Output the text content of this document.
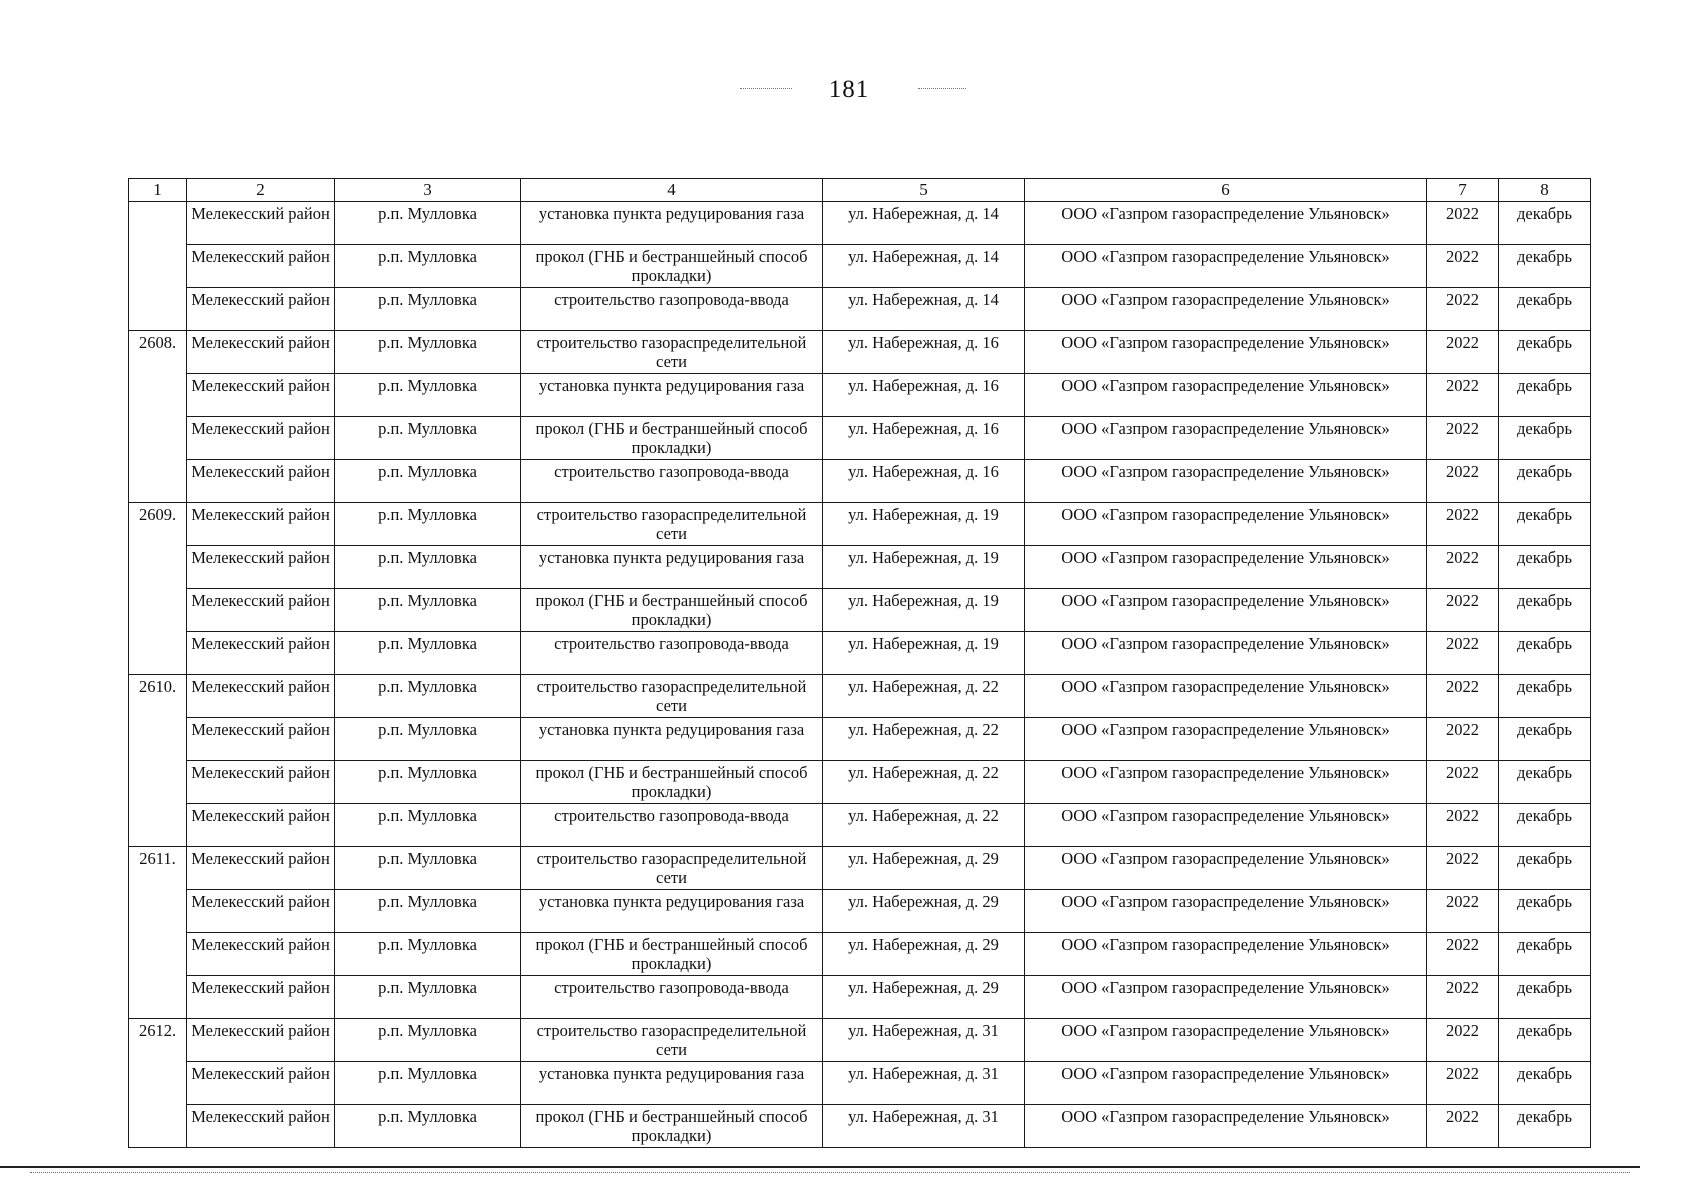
181
1	2	3	4	5	6	7	8
	Мелекесский район	р.п. Мулловка	установка пункта редуцирования газа	ул. Набережная, д. 14	ООО «Газпром газораспределение Ульяновск»	2022	декабрь
	Мелекесский район	р.п. Мулловка	прокол (ГНБ и бестраншейный способ прокладки)	ул. Набережная, д. 14	ООО «Газпром газораспределение Ульяновск»	2022	декабрь
	Мелекесский район	р.п. Мулловка	строительство газопровода-ввода	ул. Набережная, д. 14	ООО «Газпром газораспределение Ульяновск»	2022	декабрь
2608.	Мелекесский район	р.п. Мулловка	строительство газораспределительной сети	ул. Набережная, д. 16	ООО «Газпром газораспределение Ульяновск»	2022	декабрь
	Мелекесский район	р.п. Мулловка	установка пункта редуцирования газа	ул. Набережная, д. 16	ООО «Газпром газораспределение Ульяновск»	2022	декабрь
	Мелекесский район	р.п. Мулловка	прокол (ГНБ и бестраншейный способ прокладки)	ул. Набережная, д. 16	ООО «Газпром газораспределение Ульяновск»	2022	декабрь
	Мелекесский район	р.п. Мулловка	строительство газопровода-ввода	ул. Набережная, д. 16	ООО «Газпром газораспределение Ульяновск»	2022	декабрь
2609.	Мелекесский район	р.п. Мулловка	строительство газораспределительной сети	ул. Набережная, д. 19	ООО «Газпром газораспределение Ульяновск»	2022	декабрь
	Мелекесский район	р.п. Мулловка	установка пункта редуцирования газа	ул. Набережная, д. 19	ООО «Газпром газораспределение Ульяновск»	2022	декабрь
	Мелекесский район	р.п. Мулловка	прокол (ГНБ и бестраншейный способ прокладки)	ул. Набережная, д. 19	ООО «Газпром газораспределение Ульяновск»	2022	декабрь
	Мелекесский район	р.п. Мулловка	строительство газопровода-ввода	ул. Набережная, д. 19	ООО «Газпром газораспределение Ульяновск»	2022	декабрь
2610.	Мелекесский район	р.п. Мулловка	строительство газораспределительной сети	ул. Набережная, д. 22	ООО «Газпром газораспределение Ульяновск»	2022	декабрь
	Мелекесский район	р.п. Мулловка	установка пункта редуцирования газа	ул. Набережная, д. 22	ООО «Газпром газораспределение Ульяновск»	2022	декабрь
	Мелекесский район	р.п. Мулловка	прокол (ГНБ и бестраншейный способ прокладки)	ул. Набережная, д. 22	ООО «Газпром газораспределение Ульяновск»	2022	декабрь
	Мелекесский район	р.п. Мулловка	строительство газопровода-ввода	ул. Набережная, д. 22	ООО «Газпром газораспределение Ульяновск»	2022	декабрь
2611.	Мелекесский район	р.п. Мулловка	строительство газораспределительной сети	ул. Набережная, д. 29	ООО «Газпром газораспределение Ульяновск»	2022	декабрь
	Мелекесский район	р.п. Мулловка	установка пункта редуцирования газа	ул. Набережная, д. 29	ООО «Газпром газораспределение Ульяновск»	2022	декабрь
	Мелекесский район	р.п. Мулловка	прокол (ГНБ и бестраншейный способ прокладки)	ул. Набережная, д. 29	ООО «Газпром газораспределение Ульяновск»	2022	декабрь
	Мелекесский район	р.п. Мулловка	строительство газопровода-ввода	ул. Набережная, д. 29	ООО «Газпром газораспределение Ульяновск»	2022	декабрь
2612.	Мелекесский район	р.п. Мулловка	строительство газораспределительной сети	ул. Набережная, д. 31	ООО «Газпром газораспределение Ульяновск»	2022	декабрь
	Мелекесский район	р.п. Мулловка	установка пункта редуцирования газа	ул. Набережная, д. 31	ООО «Газпром газораспределение Ульяновск»	2022	декабрь
	Мелекесский район	р.п. Мулловка	прокол (ГНБ и бестраншейный способ прокладки)	ул. Набережная, д. 31	ООО «Газпром газораспределение Ульяновск»	2022	декабрь
